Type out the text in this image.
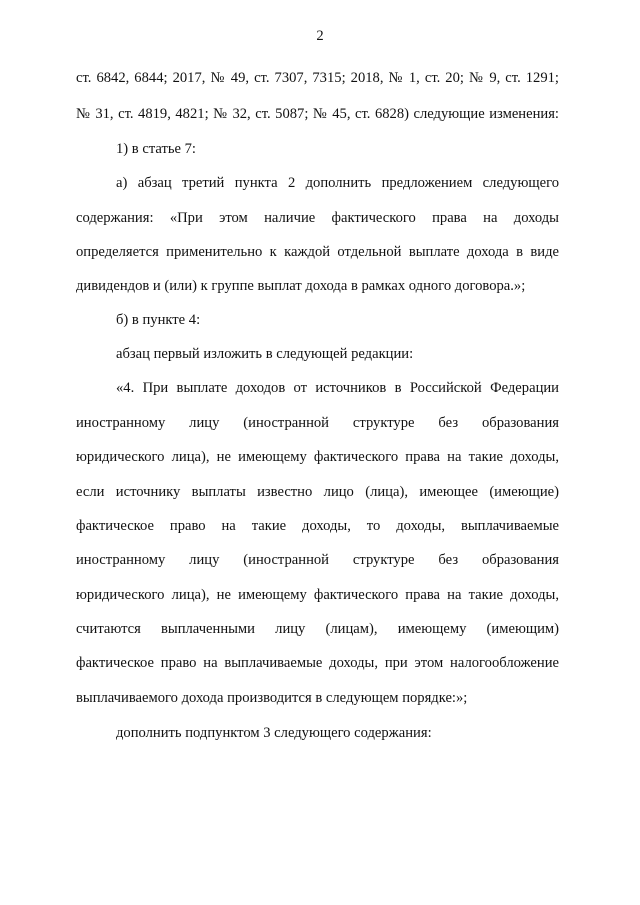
2
ст. 6842, 6844; 2017, № 49, ст. 7307, 7315; 2018, № 1, ст. 20; № 9, ст. 1291;
№ 31, ст. 4819, 4821; № 32, ст. 5087; № 45, ст. 6828) следующие изменения:
1) в статье 7:
а) абзац третий пункта 2 дополнить предложением следующего
содержания: «При этом наличие фактического права на доходы
определяется применительно к каждой отдельной выплате дохода в виде
дивидендов и (или) к группе выплат дохода в рамках одного договора.»;
б) в пункте 4:
абзац первый изложить в следующей редакции:
«4. При выплате доходов от источников в Российской Федерации
иностранному лицу (иностранной структуре без образования
юридического лица), не имеющему фактического права на такие доходы,
если источнику выплаты известно лицо (лица), имеющее (имеющие)
фактическое право на такие доходы, то доходы, выплачиваемые
иностранному лицу (иностранной структуре без образования
юридического лица), не имеющему фактического права на такие доходы,
считаются выплаченными лицу (лицам), имеющему (имеющим)
фактическое право на выплачиваемые доходы, при этом налогообложение
выплачиваемого дохода производится в следующем порядке:»;
дополнить подпунктом 3 следующего содержания:
